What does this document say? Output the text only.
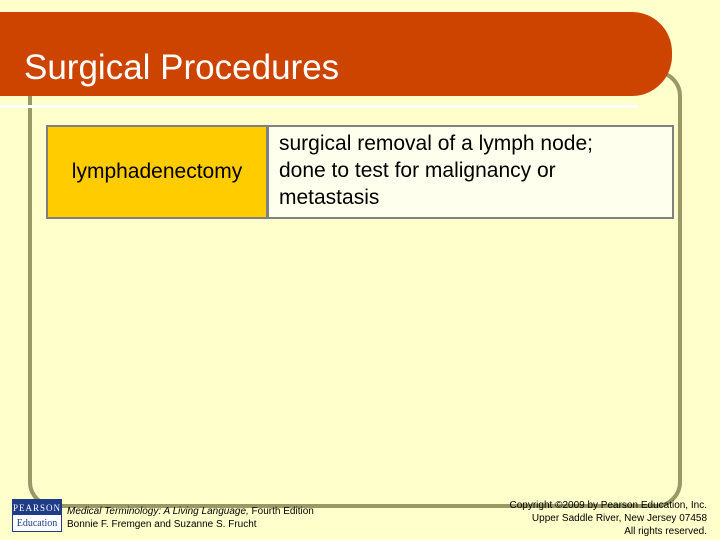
Surgical Procedures
lymphadenectomy
surgical removal of a lymph node;
done to test for malignancy or
metastasis
PEARSON
Education
Medical Terminology: A Living Language, Fourth Edition
Bonnie F. Fremgen and Suzanne S. Frucht
Copyright ©2009 by Pearson Education, Inc.
Upper Saddle River, New Jersey 07458
All rights reserved.
